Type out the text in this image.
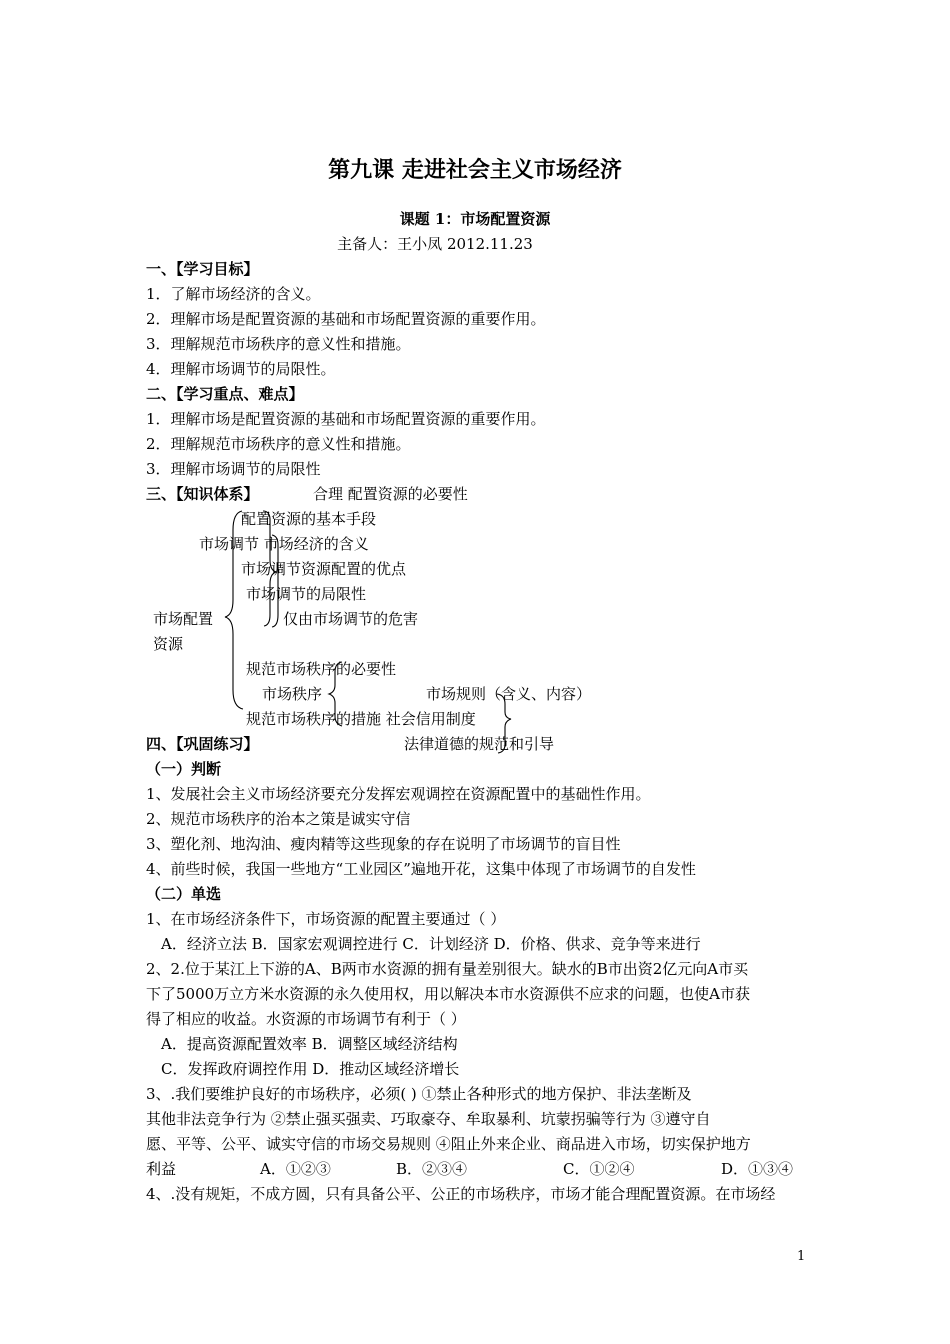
第九课 走进社会主义市场经济
课题 1：市场配置资源
主备人：王小凤 2012.11.23
一、【学习目标】
1．了解市场经济的含义。
2．理解市场是配置资源的基础和市场配置资源的重要作用。
3．理解规范市场秩序的意义性和措施。
4．理解市场调节的局限性。
二、【学习重点、难点】
1．理解市场是配置资源的基础和市场配置资源的重要作用。
2．理解规范市场秩序的意义性和措施。
3．理解市场调节的局限性
三、【知识体系】	合理 配置资源的必要性
配置资源的基本手段
市场调节 市场经济的含义
市场调节资源配置的优点
市场调节的局限性
市场配置	仅由市场调节的危害
资源
规范市场秩序的必要性
市场秩序	市场规则（含义、内容）
规范市场秩序的措施 社会信用制度
法律道德的规范和引导
四、【巩固练习】
（一）判断
1、发展社会主义市场经济要充分发挥宏观调控在资源配置中的基础性作用。
2、规范市场秩序的治本之策是诚实守信
3、塑化剂、地沟油、瘦肉精等这些现象的存在说明了市场调节的盲目性
4、前些时候，我国一些地方“工业园区”遍地开花，这集中体现了市场调节的自发性
（二）单选
1、在市场经济条件下，市场资源的配置主要通过（ ）
A．经济立法 B．国家宏观调控进行 C．计划经济 D．价格、供求、竞争等来进行
2、2.位于某江上下游的A、B两市水资源的拥有量差别很大。缺水的B市出资2亿元向A市买
下了5000万立方米水资源的永久使用权，用以解决本市水资源供不应求的问题，也使A市获
得了相应的收益。水资源的市场调节有利于（ ）
A．提高资源配置效率 B．调整区域经济结构
C．发挥政府调控作用 D．推动区域经济增长
3、.我们要维护良好的市场秩序，必须( ) ①禁止各种形式的地方保护、非法垄断及
其他非法竞争行为 ②禁止强买强卖、巧取豪夺、牟取暴利、坑蒙拐骗等行为 ③遵守自
愿、平等、公平、诚实守信的市场交易规则 ④阻止外来企业、商品进入市场，切实保护地方
利益	A．①②③	B．②③④	C．①②④	D．①③④
4、.没有规矩，不成方圆，只有具备公平、公正的市场秩序，市场才能合理配置资源。在市场经
1
